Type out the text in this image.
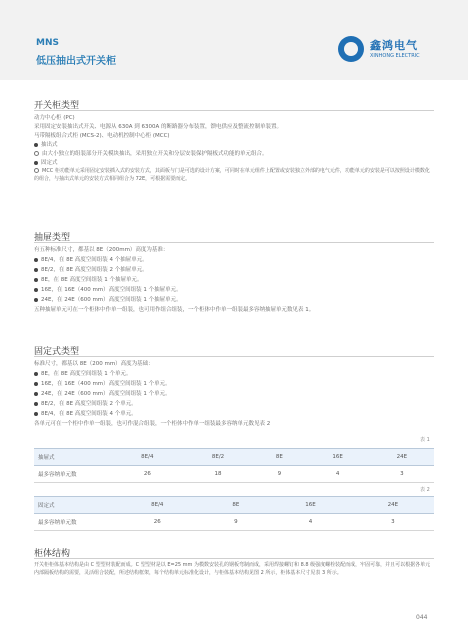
MNS
低压抽出式开关柜
鑫鸿电气
XINHONG ELECTRIC
开关柜类型
动力中心柜 (PC)
采用固定安装抽出式开关、电源从 630A 到 6300A 的断路器分布装置，馈电供应及整流控制单装置。
马带隔板组合式柜 (MCS-2)、电动机控制中心柜 (MCC)
抽出式
由大小独立的组装部分开关模块抽出，采用独立开关和分层安装保护隔板式功能的单元组合。
固定式
MCC 柜功能单元采用固定安装插入式的安装方式，其面板与门是可选的设计方案，可同时在单元组件上配置或安装独立外部的电气元件，功能单元的安装是可以按照设计模数化的组合，与抽出式单元的安装方式相同组合为 72E，可根据需要而定。
抽屉类型
有五种标准尺寸，都基以 8E（200mm）高度为基准：
8E/4，在 8E 高度空间组装 4 个抽屉单元。
8E/2，在 8E 高度空间组装 2 个抽屉单元。
8E，在 8E 高度空间组装 1 个抽屉单元。
16E，在 16E（400 mm）高度空间组装 1 个抽屉单元。
24E，在 24E（600 mm）高度空间组装 1 个抽屉单元。
五种抽屉单元可在一个柜体中作单一组装，也可用作组合组装，一个柜体中作单一组装最多容纳抽屉单元数见表 1。
固定式类型
标准尺寸，都基以 8E（200 mm）高度为基础：
8E，在 8E 高度空间组装 1 个单元。
16E，在 16E（400 mm）高度空间组装 1 个单元。
24E，在 24E（600 mm）高度空间组装 1 个单元。
8E/2，在 8E 高度空间组装 2 个单元。
8E/4，在 8E 高度空间组装 4 个单元。
各单元可在一个柜中作单一组装，也可作混合组装，一个柜体中作单一组装最多容纳单元数见表 2
表 1
抽屉式	8E/4	8E/2	8E	16E	24E
最多容纳单元数	26	18	9	4	3
表 2
固定式	8E/4	8E	16E	24E
最多容纳单元数	26	9	4	3
柜体结构
开关柜柜体基本结构是由 C 型型材装配而成。C 型型材是以 E=25 mm 为模数安装孔的钢板弯制而成，采用焊接螺钉和 8.8 级强度螺栓装配而成，牢固可靠，并且可以根据各单元内部隔板结构的需要，灵活组合装配，所述结构框架，每个结构单元标准化设计，与柜体基本结构见图 2 所示，柜体基本尺寸见表 3 所示。
044
